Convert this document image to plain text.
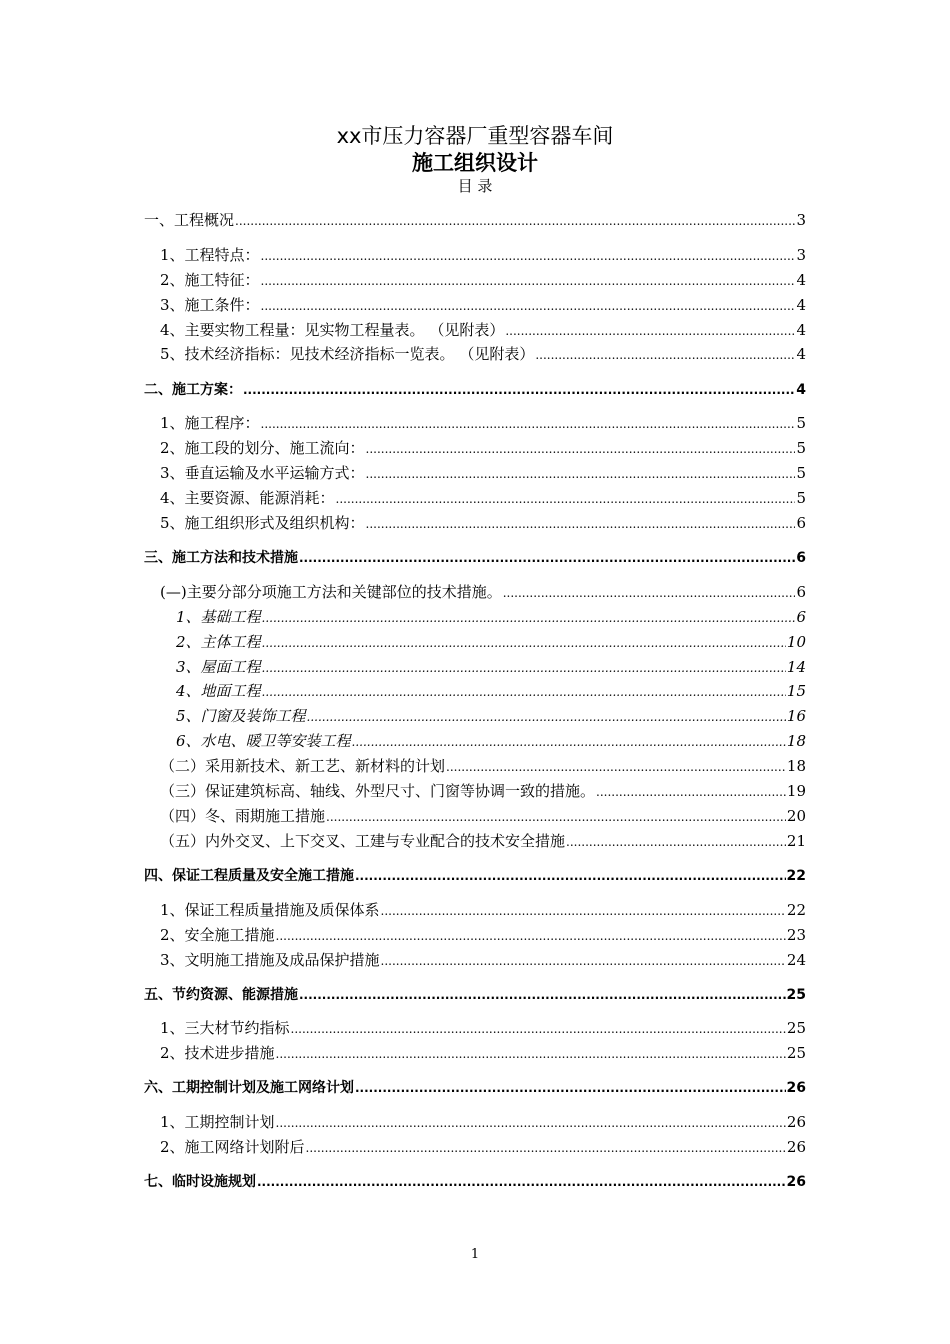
xx市压力容器厂重型容器车间
施工组织设计
目 录
一、工程概况 .....	3
1、工程特点： .....	3
2、施工特征： .....	4
3、施工条件： .....	4
4、主要实物工程量：见实物工程量表。 （见附表） .....	4
5、技术经济指标：见技术经济指标一览表。 （见附表） .....	4
二、施工方案： .....	4
1、施工程序： .....	5
2、施工段的划分、施工流向： .....	5
3、垂直运输及水平运输方式： .....	5
4、主要资源、能源消耗： .....	5
5、施工组织形式及组织机构： .....	6
三、施工方法和技术措施 .....	6
(—)主要分部分项施工方法和关键部位的技术措施。 .....	6
1、基础工程 .....	6
2、主体工程 .....	10
3、屋面工程 .....	14
4、地面工程 .....	15
5、门窗及装饰工程 .....	16
6、水电、暖卫等安装工程 .....	18
（二）采用新技术、新工艺、新材料的计划 .....	18
（三）保证建筑标高、轴线、外型尺寸、门窗等协调一致的措施。 .....	19
（四）冬、雨期施工措施 .....	20
（五）内外交叉、上下交叉、工建与专业配合的技术安全措施 .....	21
四、保证工程质量及安全施工措施 .....	22
1、保证工程质量措施及质保体系 .....	22
2、安全施工措施 .....	23
3、文明施工措施及成品保护措施 .....	24
五、节约资源、能源措施 .....	25
1、三大材节约指标 .....	25
2、技术进步措施 .....	25
六、工期控制计划及施工网络计划 .....	26
1、工期控制计划 .....	26
2、施工网络计划附后 .....	26
七、临时设施规划 .....	26
1
